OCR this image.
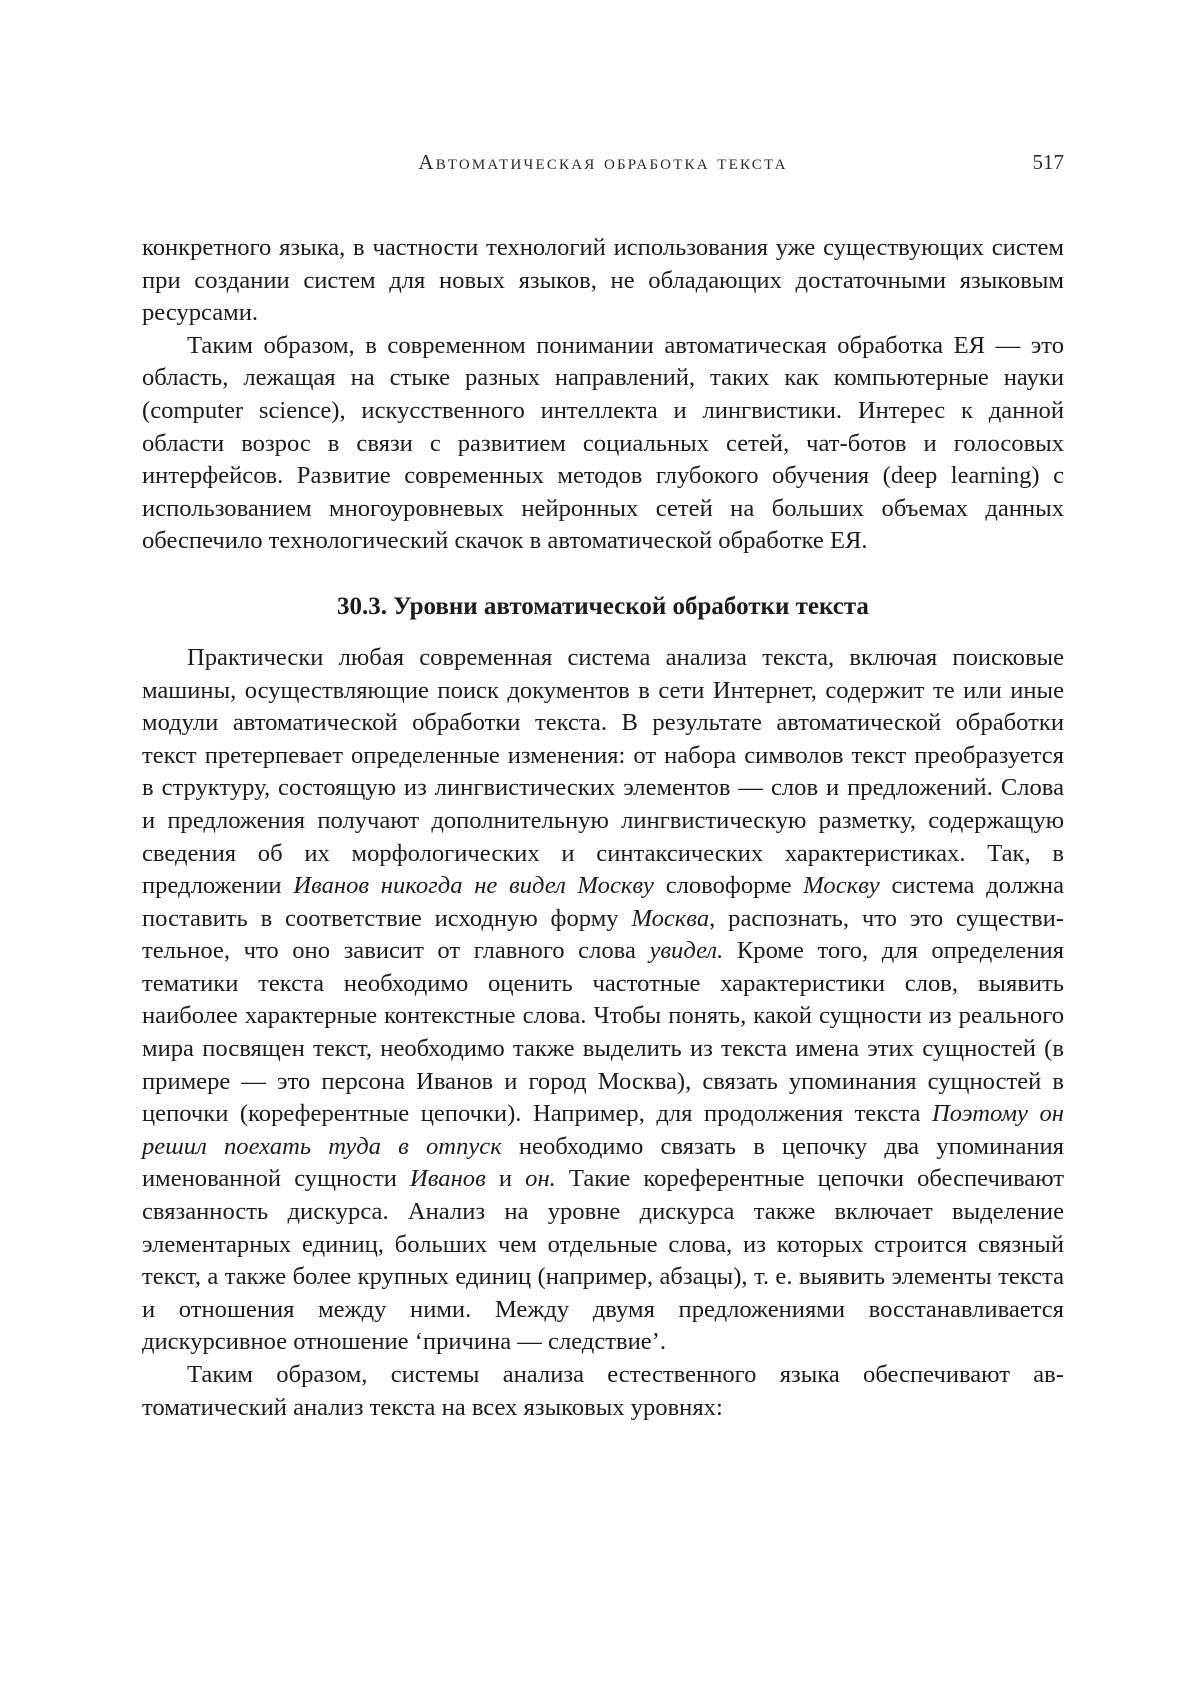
Автоматическая обработка текста	517

конкретного языка, в частности технологий использования уже существующих систем при создании систем для новых языков, не обладающих достаточными языковым ресурсами.

Таким образом, в современном понимании автоматическая обработка ЕЯ — это область, лежащая на стыке разных направлений, таких как компьютерные науки (computer science), искусственного интеллекта и лингвистики. Интерес к данной области возрос в связи с развитием социальных сетей, чат-ботов и голосовых интерфейсов. Развитие современных методов глубокого обучения (deep learning) с использованием многоуровневых нейронных сетей на больших объемах данных обеспечило технологический скачок в автоматической обработке ЕЯ.

30.3. Уровни автоматической обработки текста

Практически любая современная система анализа текста, включая поисковые машины, осуществляющие поиск документов в сети Интернет, содержит те или иные модули автоматической обработки текста. В результате автоматической обработки текст претерпевает определенные изменения: от набора символов текст преобразуется в структуру, состоящую из лингвистических элементов — слов и предложений. Слова и предложения получают дополнительную лингвистическую разметку, содержащую сведения об их морфологических и синтаксических характеристиках. Так, в предложении Иванов никогда не видел Москву словоформе Москву система должна поставить в соответствие исходную форму Москва, распознать, что это существительное, что оно зависит от главного слова увидел. Кроме того, для определения тематики текста необходимо оценить частотные характеристики слов, выявить наиболее характерные контекстные слова. Чтобы понять, какой сущности из реального мира посвящен текст, необходимо также выделить из текста имена этих сущностей (в примере — это персона Иванов и город Москва), связать упоминания сущностей в цепочки (кореферентные цепочки). Например, для продолжения текста Поэтому он решил поехать туда в отпуск необходимо связать в цепочку два упоминания именованной сущности Иванов и он. Такие кореферентные цепочки обеспечивают связанность дискурса. Анализ на уровне дискурса также включает выделение элементарных единиц, больших чем отдельные слова, из которых строится связный текст, а также более крупных единиц (например, абзацы), т. е. выявить элементы текста и отношения между ними. Между двумя предложениями восстанавливается дискурсивное отношение ‘причина — следствие’.

Таким образом, системы анализа естественного языка обеспечивают автоматический анализ текста на всех языковых уровнях:
